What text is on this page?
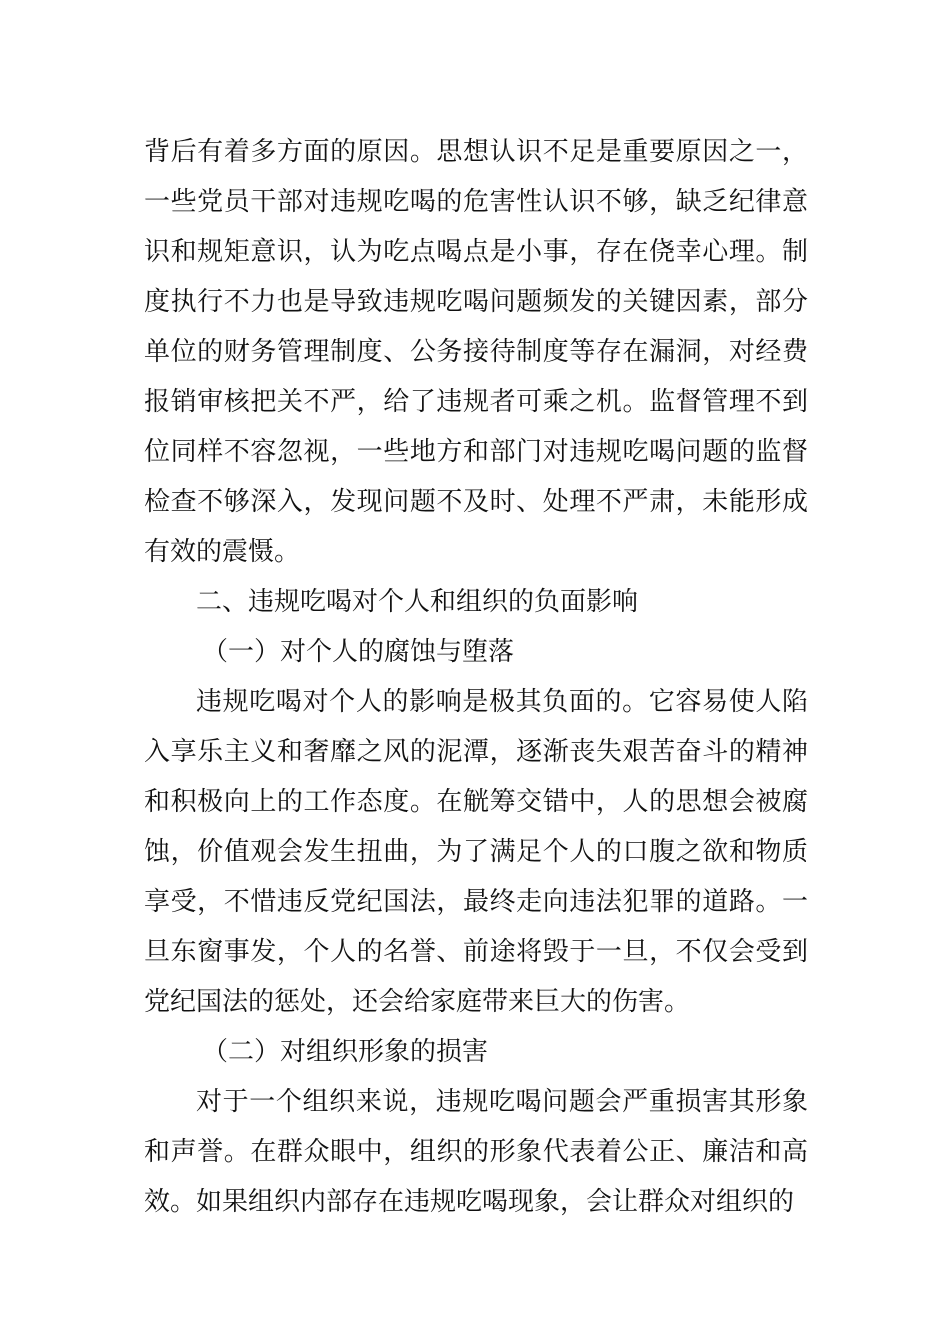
背后有着多方面的原因。思想认识不足是重要原因之一，一些党员干部对违规吃喝的危害性认识不够，缺乏纪律意识和规矩意识，认为吃点喝点是小事，存在侥幸心理。制度执行不力也是导致违规吃喝问题频发的关键因素，部分单位的财务管理制度、公务接待制度等存在漏洞，对经费报销审核把关不严，给了违规者可乘之机。监督管理不到位同样不容忽视，一些地方和部门对违规吃喝问题的监督检查不够深入，发现问题不及时、处理不严肃，未能形成有效的震慑。

二、违规吃喝对个人和组织的负面影响

（一）对个人的腐蚀与堕落

违规吃喝对个人的影响是极其负面的。它容易使人陷入享乐主义和奢靡之风的泥潭，逐渐丧失艰苦奋斗的精神和积极向上的工作态度。在觥筹交错中，人的思想会被腐蚀，价值观会发生扭曲，为了满足个人的口腹之欲和物质享受，不惜违反党纪国法，最终走向违法犯罪的道路。一旦东窗事发，个人的名誉、前途将毁于一旦，不仅会受到党纪国法的惩处，还会给家庭带来巨大的伤害。

（二）对组织形象的损害

对于一个组织来说，违规吃喝问题会严重损害其形象和声誉。在群众眼中，组织的形象代表着公正、廉洁和高效。如果组织内部存在违规吃喝现象，会让群众对组织的
